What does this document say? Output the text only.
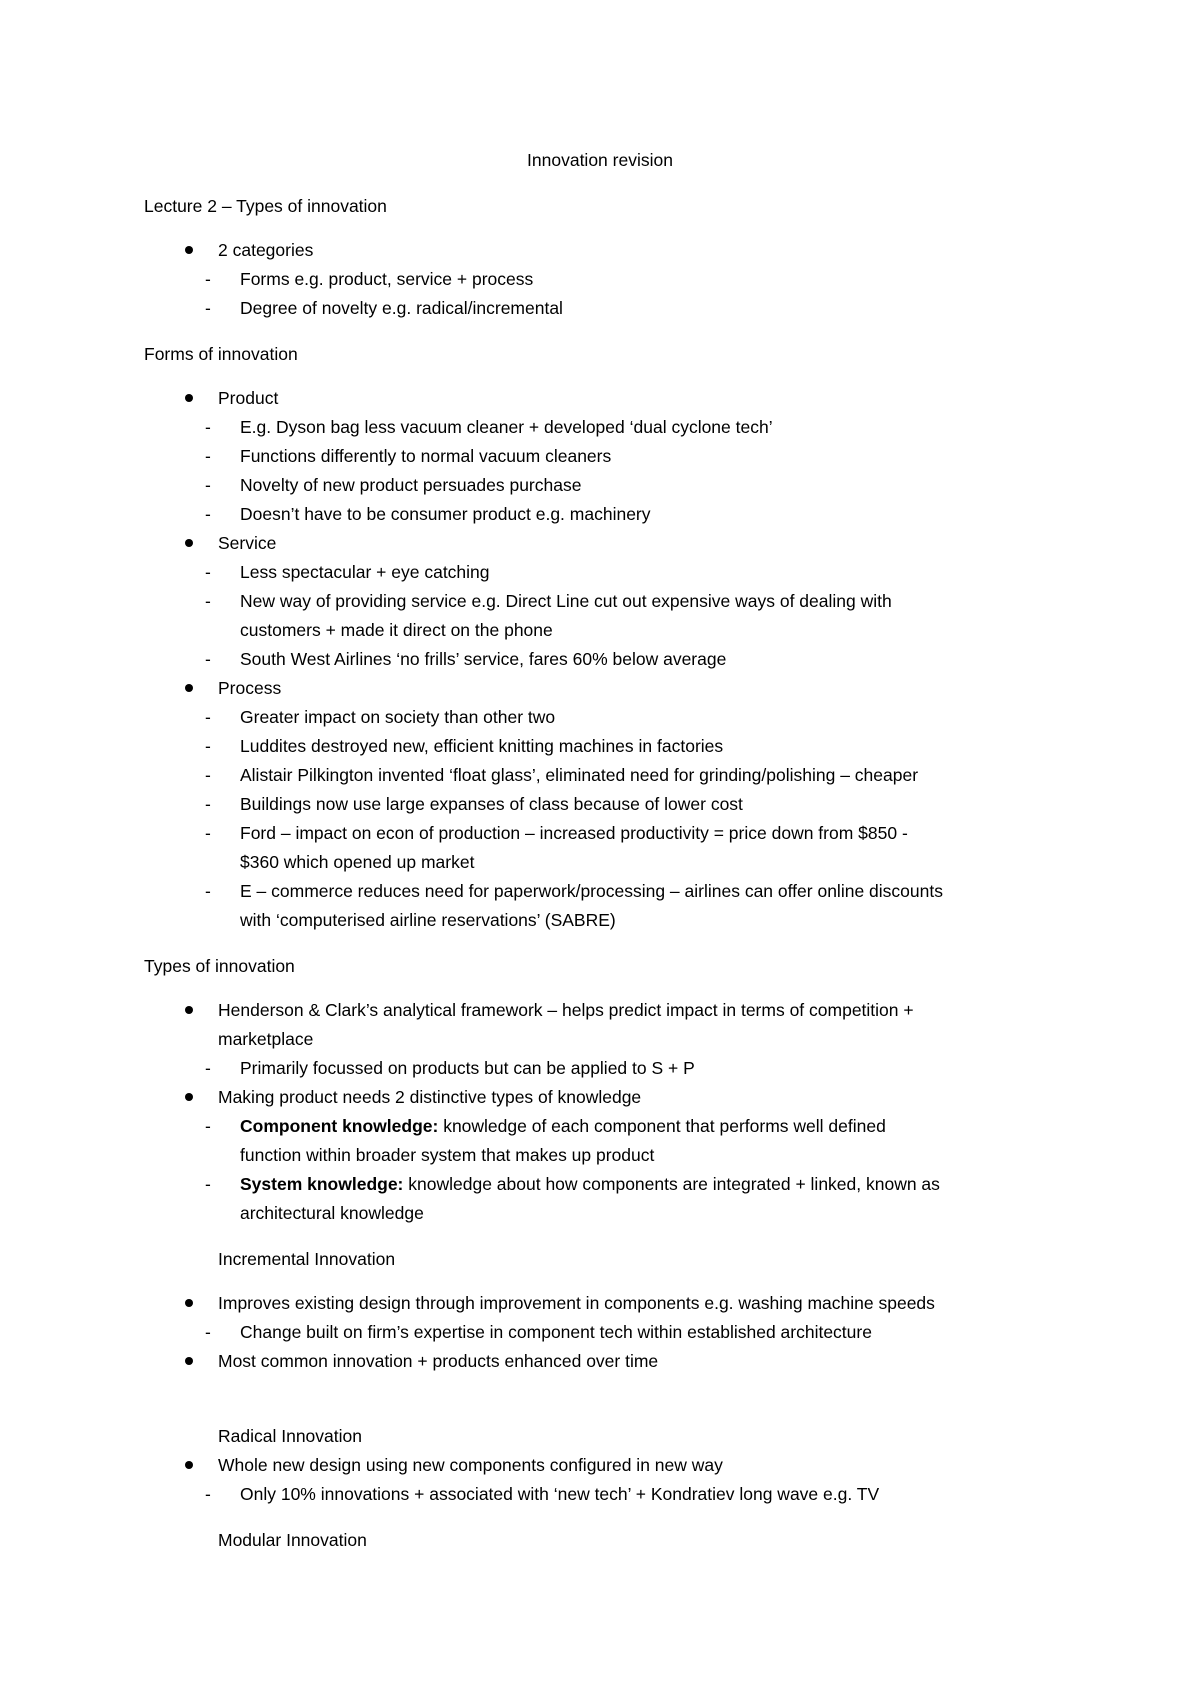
Innovation revision
Lecture 2 – Types of innovation
2 categories
- Forms e.g. product, service + process
- Degree of novelty e.g. radical/incremental
Forms of innovation
Product
- E.g. Dyson bag less vacuum cleaner + developed ‘dual cyclone tech’
- Functions differently to normal vacuum cleaners
- Novelty of new product persuades purchase
- Doesn’t have to be consumer product e.g. machinery
Service
- Less spectacular + eye catching
- New way of providing service e.g. Direct Line cut out expensive ways of dealing with
customers + made it direct on the phone
- South West Airlines ‘no frills’ service, fares 60% below average
Process
- Greater impact on society than other two
- Luddites destroyed new, efficient knitting machines in factories
- Alistair Pilkington invented ‘float glass’, eliminated need for grinding/polishing – cheaper
- Buildings now use large expanses of class because of lower cost
- Ford – impact on econ of production – increased productivity = price down from $850 -
$360 which opened up market
- E – commerce reduces need for paperwork/processing – airlines can offer online discounts
with ‘computerised airline reservations’ (SABRE)
Types of innovation
Henderson & Clark’s analytical framework – helps predict impact in terms of competition +
marketplace
- Primarily focussed on products but can be applied to S + P
Making product needs 2 distinctive types of knowledge
- Component knowledge: knowledge of each component that performs well defined
function within broader system that makes up product
- System knowledge: knowledge about how components are integrated + linked, known as
architectural knowledge
Incremental Innovation
Improves existing design through improvement in components e.g. washing machine speeds
- Change built on firm’s expertise in component tech within established architecture
Most common innovation + products enhanced over time
Radical Innovation
Whole new design using new components configured in new way
- Only 10% innovations + associated with ‘new tech’ + Kondratiev long wave e.g. TV
Modular Innovation
